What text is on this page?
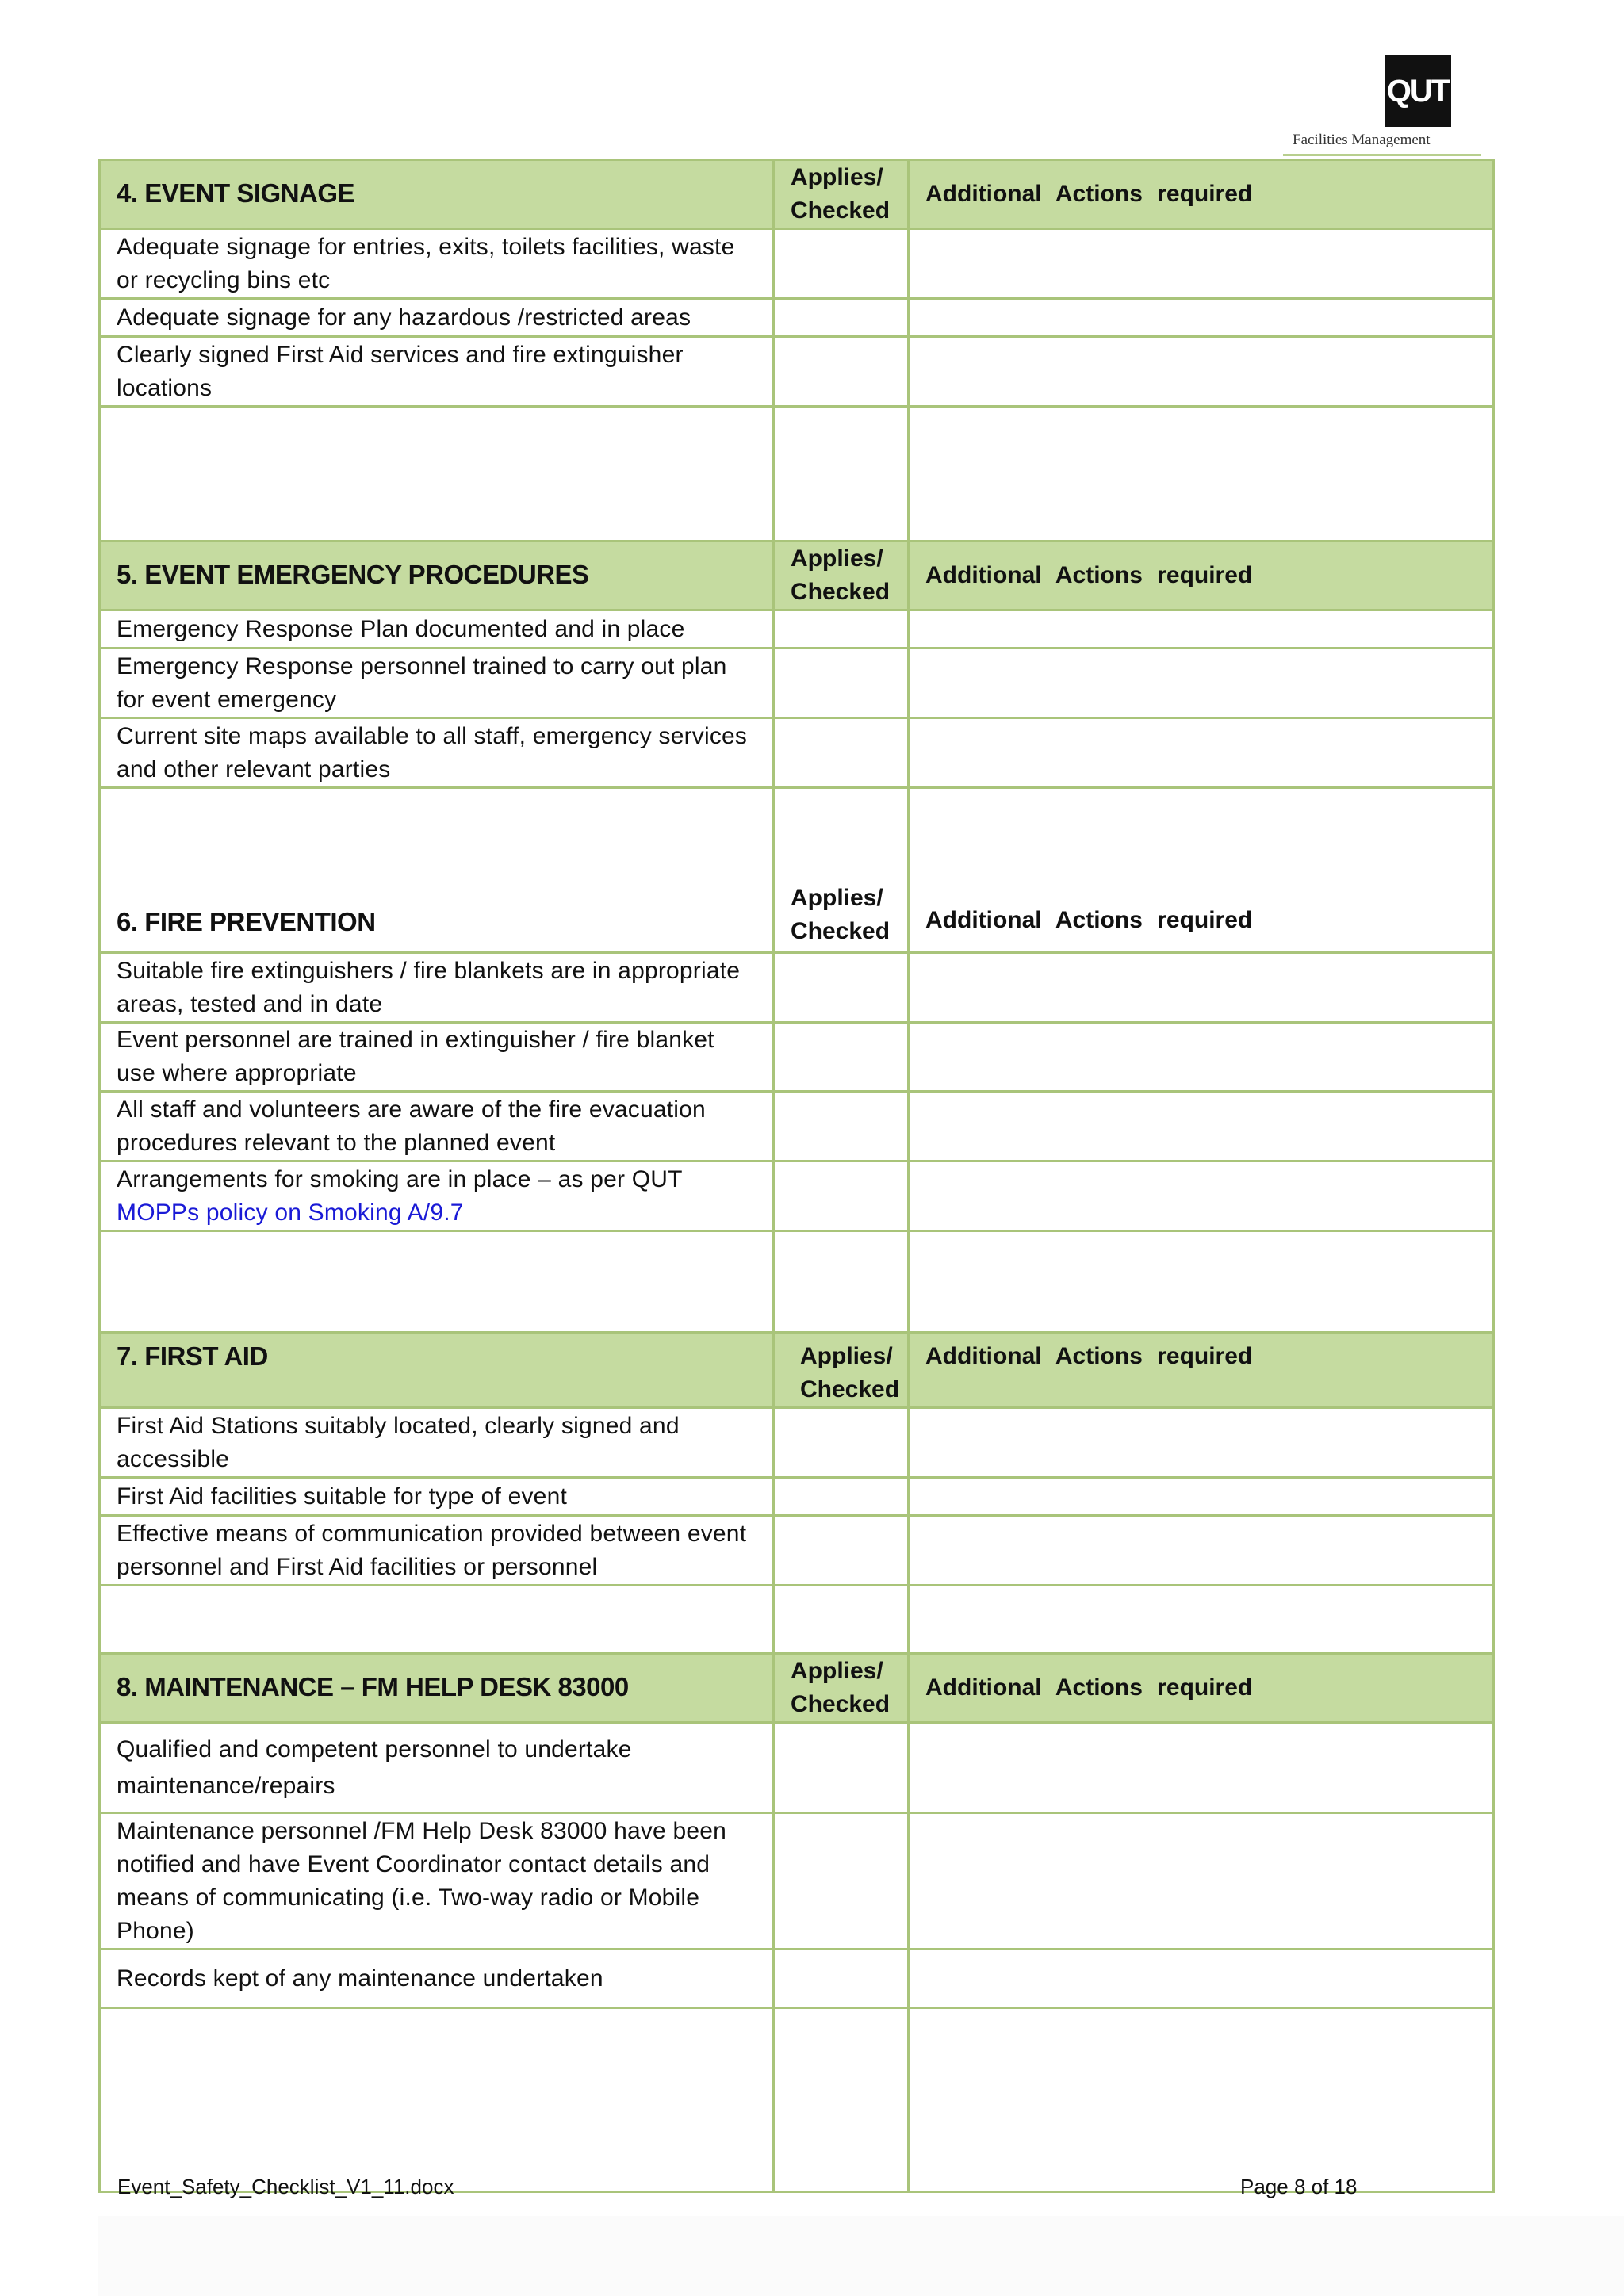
QUT
Facilities Management
4. EVENT SIGNAGE	Applies/ Checked	Additional Actions required
Adequate signage for entries, exits, toilets facilities, waste or recycling bins etc		
Adequate signage for any hazardous /restricted areas		
Clearly signed First Aid services and fire extinguisher locations		

5. EVENT EMERGENCY PROCEDURES	Applies/ Checked	Additional Actions required
Emergency Response Plan documented and in place		
Emergency Response personnel trained to carry out plan for event emergency		
Current site maps available to all staff, emergency services and other relevant parties		
6. FIRE PREVENTION	Applies/ Checked	Additional Actions required
Suitable fire extinguishers / fire blankets are in appropriate areas, tested and in date		
Event personnel are trained in extinguisher / fire blanket use where appropriate		
All staff and volunteers are aware of the fire evacuation procedures relevant to the planned event		
Arrangements for smoking are in place – as per QUT
MOPPs policy on Smoking A/9.7		

7. FIRST AID	Applies/ Checked	Additional Actions required
First Aid Stations suitably located, clearly signed and accessible		
First Aid facilities suitable for type of event		
Effective means of communication provided between event personnel and First Aid facilities or personnel		

8. MAINTENANCE – FM HELP DESK 83000	Applies/ Checked	Additional Actions required
Qualified and competent personnel to undertake maintenance/repairs		
Maintenance personnel /FM Help Desk 83000 have been notified and have Event Coordinator contact details and means of communicating (i.e. Two-way radio or Mobile Phone)		
Records kept of any maintenance undertaken		

Event_Safety_Checklist_V1_11.docx	Page 8 of 18
